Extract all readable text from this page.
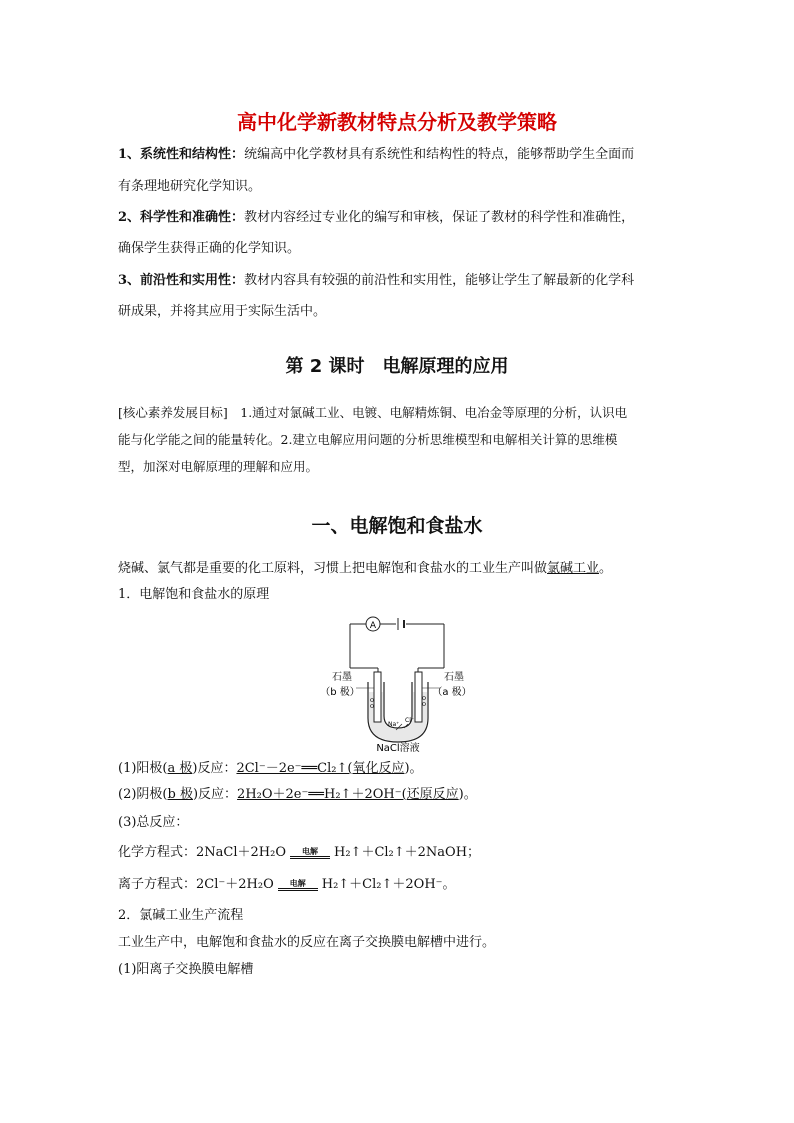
高中化学新教材特点分析及教学策略
1、系统性和结构性：统编高中化学教材具有系统性和结构性的特点，能够帮助学生全面而
有条理地研究化学知识。
2、科学性和准确性：教材内容经过专业化的编写和审核，保证了教材的科学性和准确性，
确保学生获得正确的化学知识。
3、前沿性和实用性：教材内容具有较强的前沿性和实用性，能够让学生了解最新的化学科
研成果，并将其应用于实际生活中。
第 2 课时　电解原理的应用
[核心素养发展目标]　1.通过对氯碱工业、电镀、电解精炼铜、电冶金等原理的分析，认识电
能与化学能之间的能量转化。2.建立电解应用问题的分析思维模型和电解相关计算的思维模
型，加深对电解原理的理解和应用。
一、电解饱和食盐水
烧碱、氯气都是重要的化工原料，习惯上把电解饱和食盐水的工业生产叫做氯碱工业。
1．电解饱和食盐水的原理
A
Na⁺
Cl⁻
石墨
（b 极）
石墨
（a 极）
NaCl溶液
(1)阳极(a 极)反应：2Cl⁻－2e⁻══Cl₂↑(氧化反应)。
(2)阴极(b 极)反应：2H₂O＋2e⁻══H₂↑＋2OH⁻(还原反应)。
(3)总反应：
化学方程式：2NaCl＋2H₂O	电解	H₂↑＋Cl₂↑＋2NaOH；
离子方程式：2Cl⁻＋2H₂O	电解	H₂↑＋Cl₂↑＋2OH⁻。
2．氯碱工业生产流程
工业生产中，电解饱和食盐水的反应在离子交换膜电解槽中进行。
(1)阳离子交换膜电解槽
